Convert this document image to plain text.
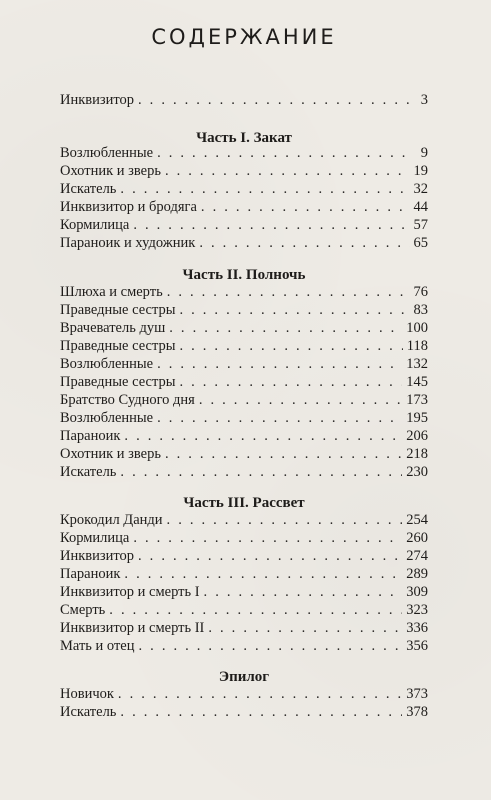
СОДЕРЖАНИЕ
Инквизитор . . .	3
Часть I. Закат
Возлюбленные . . .	9
Охотник и зверь . . .	19
Искатель . . .	32
Инквизитор и бродяга . . .	44
Кормилица . . .	57
Параноик и художник . . .	65
Часть II. Полночь
Шлюха и смерть . . .	76
Праведные сестры . . .	83
Врачеватель душ . . .	100
Праведные сестры . . .	118
Возлюбленные . . .	132
Праведные сестры . . .	145
Братство Судного дня . . .	173
Возлюбленные . . .	195
Параноик . . .	206
Охотник и зверь . . .	218
Искатель . . .	230
Часть III. Рассвет
Крокодил Данди . . .	254
Кормилица . . .	260
Инквизитор . . .	274
Параноик . . .	289
Инквизитор и смерть I . . .	309
Смерть . . .	323
Инквизитор и смерть II . . .	336
Мать и отец . . .	356
Эпилог
Новичок . . .	373
Искатель . . .	378
